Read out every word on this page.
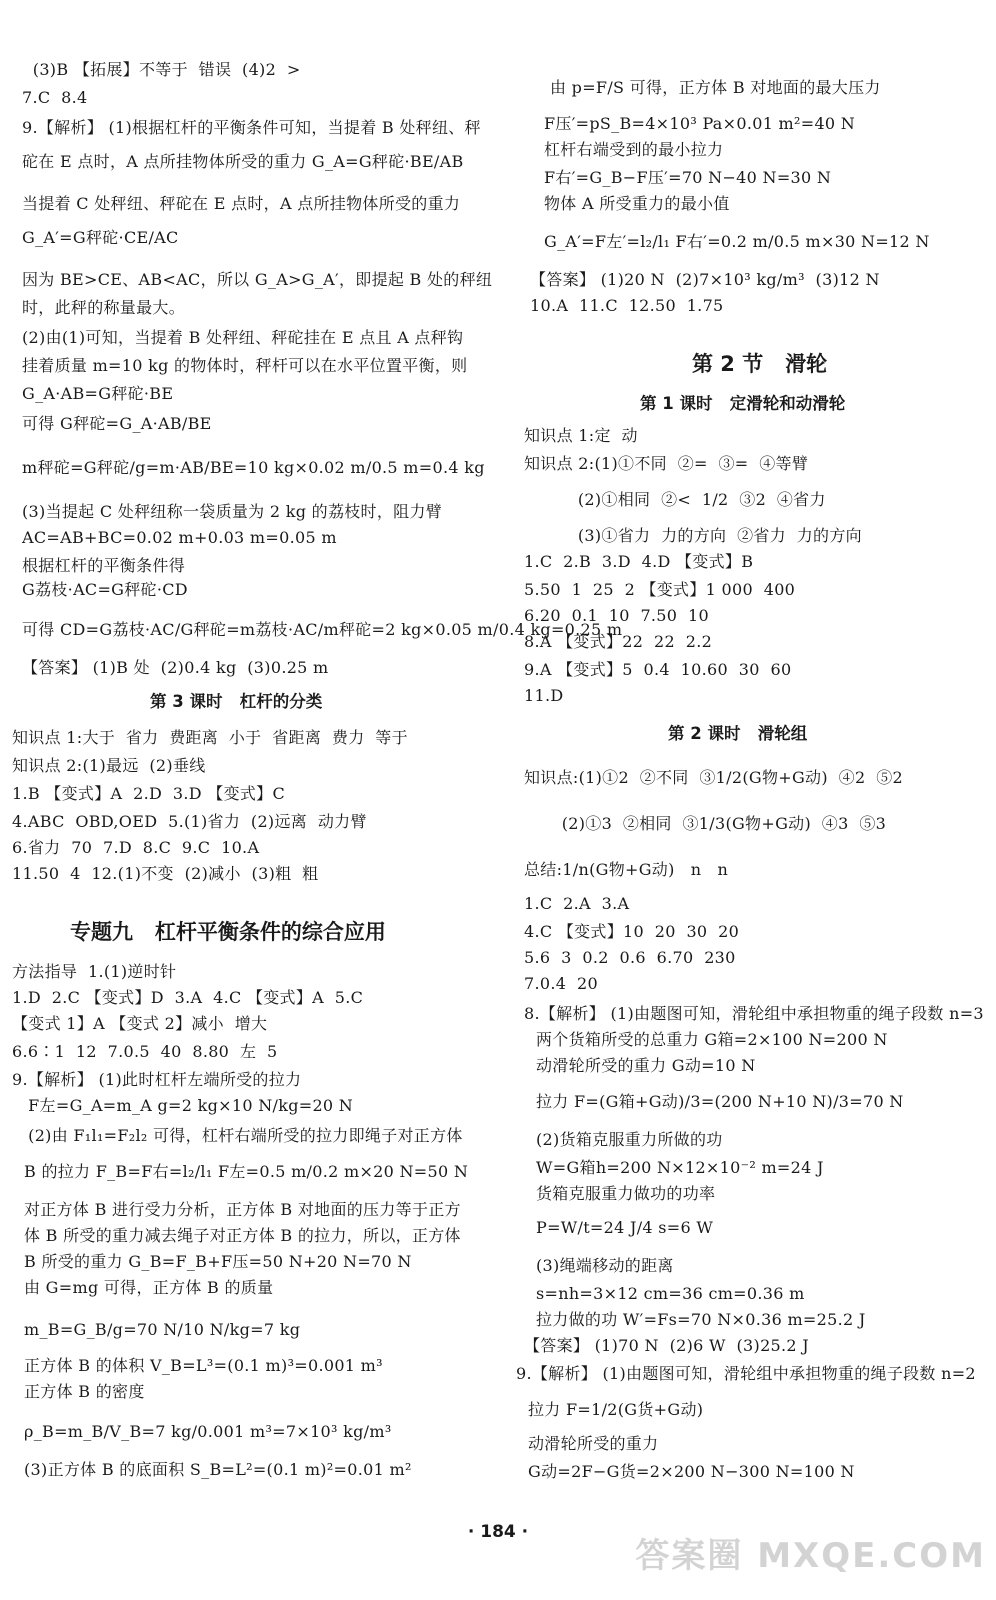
(3)B 【拓展】不等于  错误  (4)2  >
7.C  8.4
9.【解析】 (1)根据杠杆的平衡条件可知，当提着 B 处秤纽、秤
砣在 E 点时，A 点所挂物体所受的重力 G_A=G秤砣·BE/AB
当提着 C 处秤纽、秤砣在 E 点时，A 点所挂物体所受的重力
G_A′=G秤砣·CE/AC
因为 BE>CE、AB<AC，所以 G_A>G_A′，即提起 B 处的秤纽
时，此秤的称量最大。
(2)由(1)可知，当提着 B 处秤纽、秤砣挂在 E 点且 A 点秤钩
挂着质量 m=10 kg 的物体时，秤杆可以在水平位置平衡，则
G_A·AB=G秤砣·BE
可得 G秤砣=G_A·AB/BE
m秤砣=G秤砣/g=m·AB/BE=10 kg×0.02 m/0.5 m=0.4 kg
(3)当提起 C 处秤纽称一袋质量为 2 kg 的荔枝时，阻力臂
AC=AB+BC=0.02 m+0.03 m=0.05 m
根据杠杆的平衡条件得
G荔枝·AC=G秤砣·CD
可得 CD=G荔枝·AC/G秤砣=m荔枝·AC/m秤砣=2 kg×0.05 m/0.4 kg=0.25 m
【答案】 (1)B 处  (2)0.4 kg  (3)0.25 m
第 3 课时   杠杆的分类
知识点 1:大于  省力  费距离  小于  省距离  费力  等于
知识点 2:(1)最远  (2)垂线
1.B 【变式】A  2.D  3.D 【变式】C
4.ABC  OBD,OED  5.(1)省力  (2)远离  动力臂
6.省力  70  7.D  8.C  9.C  10.A
11.50  4  12.(1)不变  (2)减小  (3)粗  粗
专题九   杠杆平衡条件的综合应用
方法指导  1.(1)逆时针
1.D  2.C 【变式】D  3.A  4.C 【变式】A  5.C
【变式 1】A 【变式 2】减小  增大
6.6∶1  12  7.0.5  40  8.80  左  5
9.【解析】 (1)此时杠杆左端所受的拉力
F左=G_A=m_A g=2 kg×10 N/kg=20 N
(2)由 F₁l₁=F₂l₂ 可得，杠杆右端所受的拉力即绳子对正方体
B 的拉力 F_B=F右=l₂/l₁ F左=0.5 m/0.2 m×20 N=50 N
对正方体 B 进行受力分析，正方体 B 对地面的压力等于正方
体 B 所受的重力减去绳子对正方体 B 的拉力，所以，正方体
B 所受的重力 G_B=F_B+F压=50 N+20 N=70 N
由 G=mg 可得，正方体 B 的质量
m_B=G_B/g=70 N/10 N/kg=7 kg
正方体 B 的体积 V_B=L³=(0.1 m)³=0.001 m³
正方体 B 的密度
ρ_B=m_B/V_B=7 kg/0.001 m³=7×10³ kg/m³
(3)正方体 B 的底面积 S_B=L²=(0.1 m)²=0.01 m²
由 p=F/S 可得，正方体 B 对地面的最大压力
F压′=pS_B=4×10³ Pa×0.01 m²=40 N
杠杆右端受到的最小拉力
F右′=G_B−F压′=70 N−40 N=30 N
物体 A 所受重力的最小值
G_A′=F左′=l₂/l₁ F右′=0.2 m/0.5 m×30 N=12 N
【答案】 (1)20 N  (2)7×10³ kg/m³  (3)12 N
10.A  11.C  12.50  1.75
第 2 节   滑轮
第 1 课时   定滑轮和动滑轮
知识点 1:定  动
知识点 2:(1)①不同  ②=  ③=  ④等臂
(2)①相同  ②<  1/2  ③2  ④省力
(3)①省力  力的方向  ②省力  力的方向
1.C  2.B  3.D  4.D 【变式】B
5.50  1  25  2 【变式】1 000  400
6.20  0.1  10  7.50  10
8.A 【变式】22  22  2.2
9.A 【变式】5  0.4  10.60  30  60
11.D
第 2 课时   滑轮组
知识点:(1)①2  ②不同  ③1/2(G物+G动)  ④2  ⑤2
(2)①3  ②相同  ③1/3(G物+G动)  ④3  ⑤3
总结:1/n(G物+G动)   n   n
1.C  2.A  3.A
4.C 【变式】10  20  30  20
5.6  3  0.2  0.6  6.70  230
7.0.4  20
8.【解析】 (1)由题图可知，滑轮组中承担物重的绳子段数 n=3
两个货箱所受的总重力 G箱=2×100 N=200 N
动滑轮所受的重力 G动=10 N
拉力 F=(G箱+G动)/3=(200 N+10 N)/3=70 N
(2)货箱克服重力所做的功
W=G箱h=200 N×12×10⁻² m=24 J
货箱克服重力做功的功率
P=W/t=24 J/4 s=6 W
(3)绳端移动的距离
s=nh=3×12 cm=36 cm=0.36 m
拉力做的功 W′=Fs=70 N×0.36 m=25.2 J
【答案】 (1)70 N  (2)6 W  (3)25.2 J
9.【解析】 (1)由题图可知，滑轮组中承担物重的绳子段数 n=2
拉力 F=1/2(G货+G动)
动滑轮所受的重力
G动=2F−G货=2×200 N−300 N=100 N
· 184 ·
答案圈 MXQE.COM
